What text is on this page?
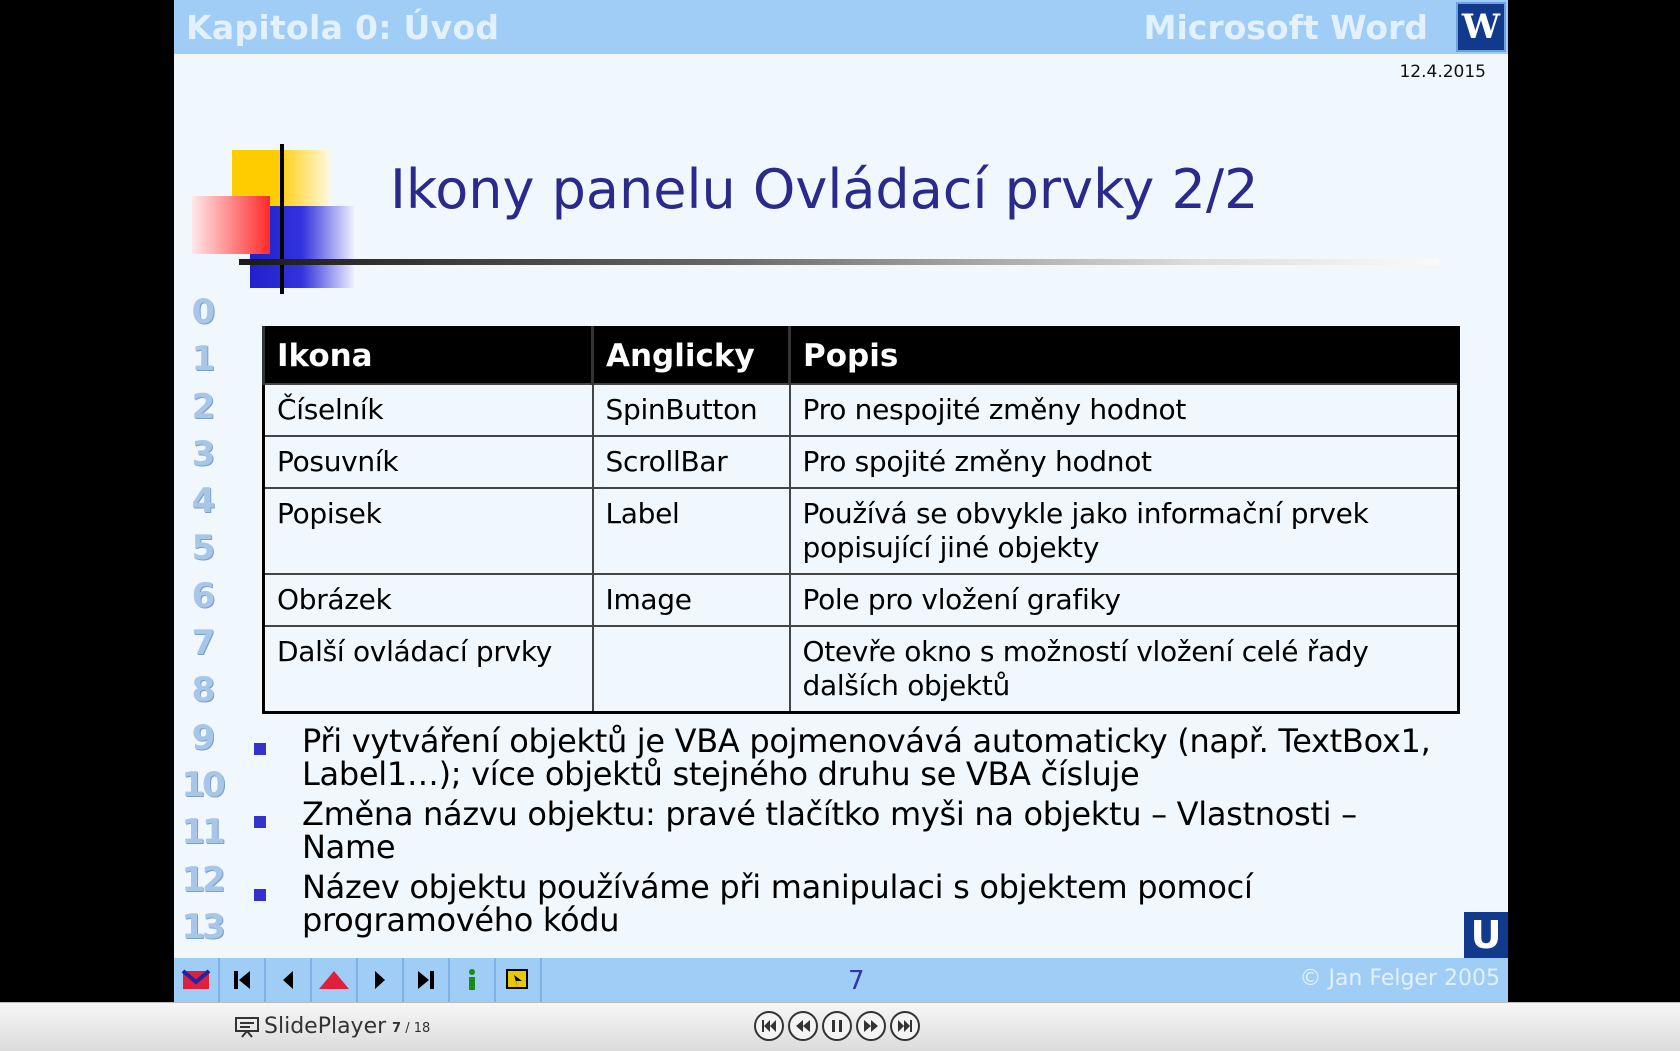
Kapitola 0: Úvod	Microsoft Word W
12.4.2015
Ikony panelu Ovládací prvky 2/2
0
1
2
3
4
5
6
7
8
9
10
11
12
13
Ikona	Anglicky	Popis
Číselník	SpinButton	Pro nespojité změny hodnot
Posuvník	ScrollBar	Pro spojité změny hodnot
Popisek	Label	Používá se obvykle jako informační prvek popisující jiné objekty
Obrázek	Image	Pole pro vložení grafiky
Další ovládací prvky		Otevře okno s možností vložení celé řady dalších objektů
Při vytváření objektů je VBA pojmenovává automaticky (např. TextBox1, Label1…); více objektů stejného druhu se VBA čísluje
Změna názvu objektu: pravé tlačítko myši na objektu – Vlastnosti – Name
Název objektu používáme při manipulaci s objektem pomocí programového kódu	U
7	© Jan Felger 2005
SlidePlayer 7 / 18
